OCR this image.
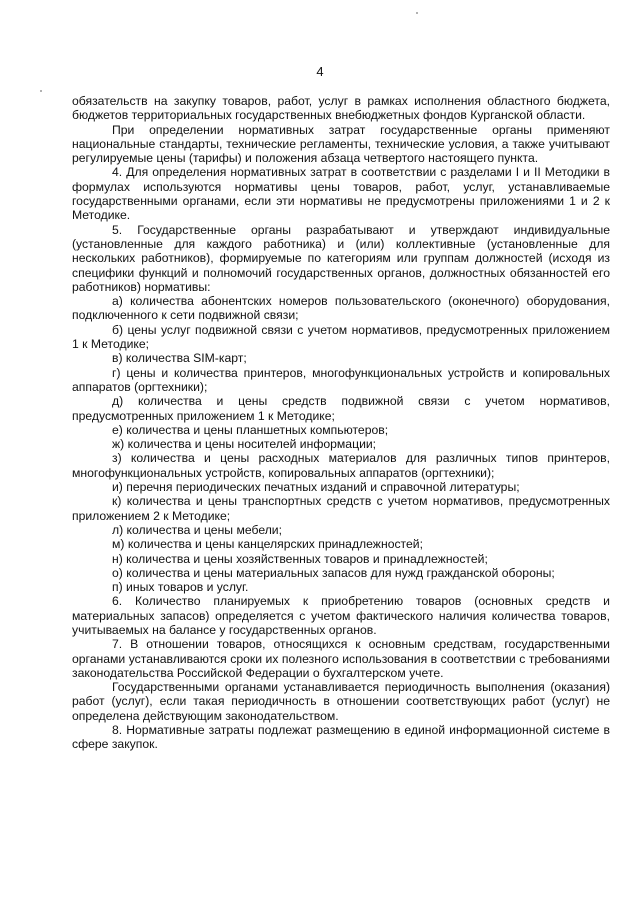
4

обязательств на закупку товаров, работ, услуг в рамках исполнения областного бюджета, бюджетов территориальных государственных внебюджетных фондов Курганской области.

При определении нормативных затрат государственные органы применяют национальные стандарты, технические регламенты, технические условия, а также учитывают регулируемые цены (тарифы) и положения абзаца четвертого настоящего пункта.

4. Для определения нормативных затрат в соответствии с разделами I и II Методики в формулах используются нормативы цены товаров, работ, услуг, устанавливаемые государственными органами, если эти нормативы не предусмотрены приложениями 1 и 2 к Методике.

5. Государственные органы разрабатывают и утверждают индивидуальные (установленные для каждого работника) и (или) коллективные (установленные для нескольких работников), формируемые по категориям или группам должностей (исходя из специфики функций и полномочий государственных органов, должностных обязанностей его работников) нормативы:

а) количества абонентских номеров пользовательского (оконечного) оборудования, подключенного к сети подвижной связи;

б) цены услуг подвижной связи с учетом нормативов, предусмотренных приложением 1 к Методике;

в) количества SIM-карт;

г) цены и количества принтеров, многофункциональных устройств и копировальных аппаратов (оргтехники);

д) количества и цены средств подвижной связи с учетом нормативов, предусмотренных приложением 1 к Методике;

е) количества и цены планшетных компьютеров;

ж) количества и цены носителей информации;

з) количества и цены расходных материалов для различных типов принтеров, многофункциональных устройств, копировальных аппаратов (оргтехники);

и) перечня периодических печатных изданий и справочной литературы;

к) количества и цены транспортных средств с учетом нормативов, предусмотренных приложением 2 к Методике;

л) количества и цены мебели;

м) количества и цены канцелярских принадлежностей;

н) количества и цены хозяйственных товаров и принадлежностей;

о) количества и цены материальных запасов для нужд гражданской обороны;

п) иных товаров и услуг.

6. Количество планируемых к приобретению товаров (основных средств и материальных запасов) определяется с учетом фактического наличия количества товаров, учитываемых на балансе у государственных органов.

7. В отношении товаров, относящихся к основным средствам, государственными органами устанавливаются сроки их полезного использования в соответствии с требованиями законодательства Российской Федерации о бухгалтерском учете.

Государственными органами устанавливается периодичность выполнения (оказания) работ (услуг), если такая периодичность в отношении соответствующих работ (услуг) не определена действующим законодательством.

8. Нормативные затраты подлежат размещению в единой информационной системе в сфере закупок.
